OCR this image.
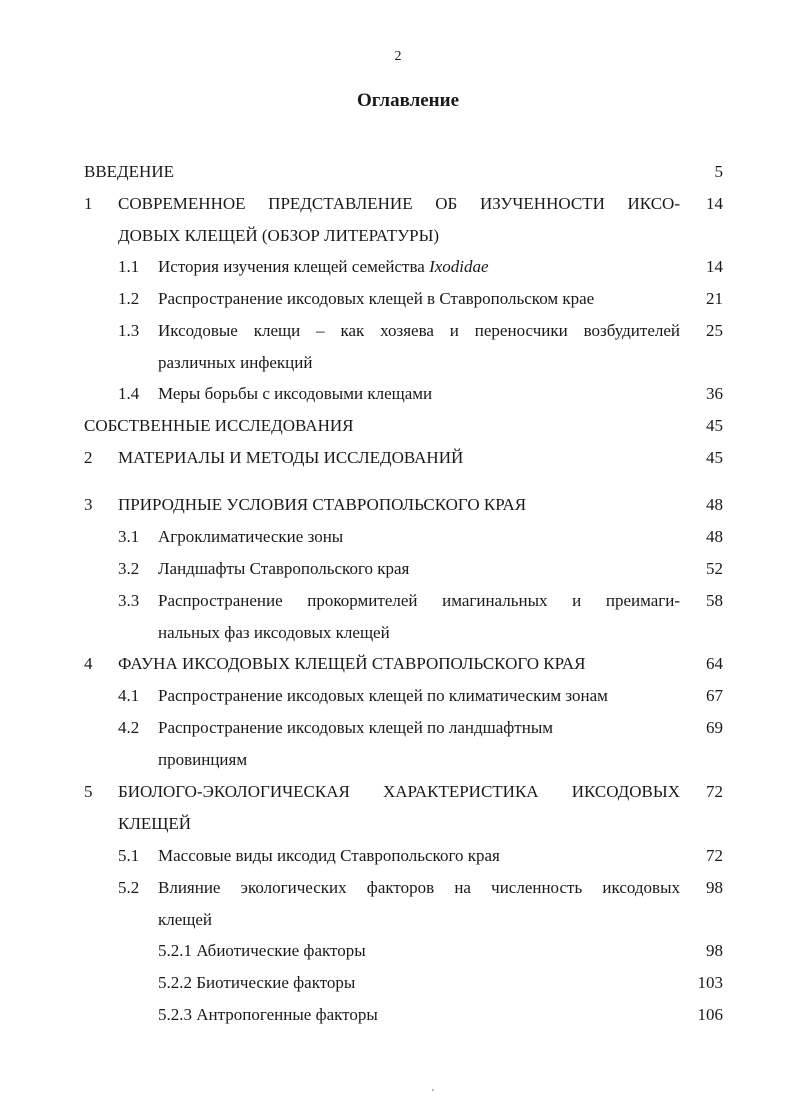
2
Оглавление
ВВЕДЕНИЕ	5
1 СОВРЕМЕННОЕ ПРЕДСТАВЛЕНИЕ ОБ ИЗУЧЕННОСТИ ИКСО-	14
ДОВЫХ КЛЕЩЕЙ (ОБЗОР ЛИТЕРАТУРЫ)
1.1 История изучения клещей семейства Ixodidae	14
1.2 Распространение иксодовых клещей в Ставропольском крае	21
1.3 Иксодовые клещи – как хозяева и переносчики возбудителей	25
различных инфекций
1.4 Меры борьбы с иксодовыми клещами	36
СОБСТВЕННЫЕ ИССЛЕДОВАНИЯ	45
2 МАТЕРИАЛЫ И МЕТОДЫ ИССЛЕДОВАНИЙ	45
3 ПРИРОДНЫЕ УСЛОВИЯ СТАВРОПОЛЬСКОГО КРАЯ	48
3.1 Агроклиматические зоны	48
3.2 Ландшафты Ставропольского края	52
3.3 Распространение прокормителей имагинальных и преимаги-	58
нальных фаз иксодовых клещей
4 ФАУНА ИКСОДОВЫХ КЛЕЩЕЙ СТАВРОПОЛЬСКОГО КРАЯ	64
4.1 Распространение иксодовых клещей по климатическим зонам	67
4.2 Распространение иксодовых клещей по ландшафтным	69
провинциям
5 БИОЛОГО-ЭКОЛОГИЧЕСКАЯ ХАРАКТЕРИСТИКА ИКСОДОВЫХ	72
КЛЕЩЕЙ
5.1 Массовые виды иксодид Ставропольского края	72
5.2 Влияние экологических факторов на численность иксодовых	98
клещей
5.2.1 Абиотические факторы	98
5.2.2 Биотические факторы	103
5.2.3 Антропогенные факторы	106
'
